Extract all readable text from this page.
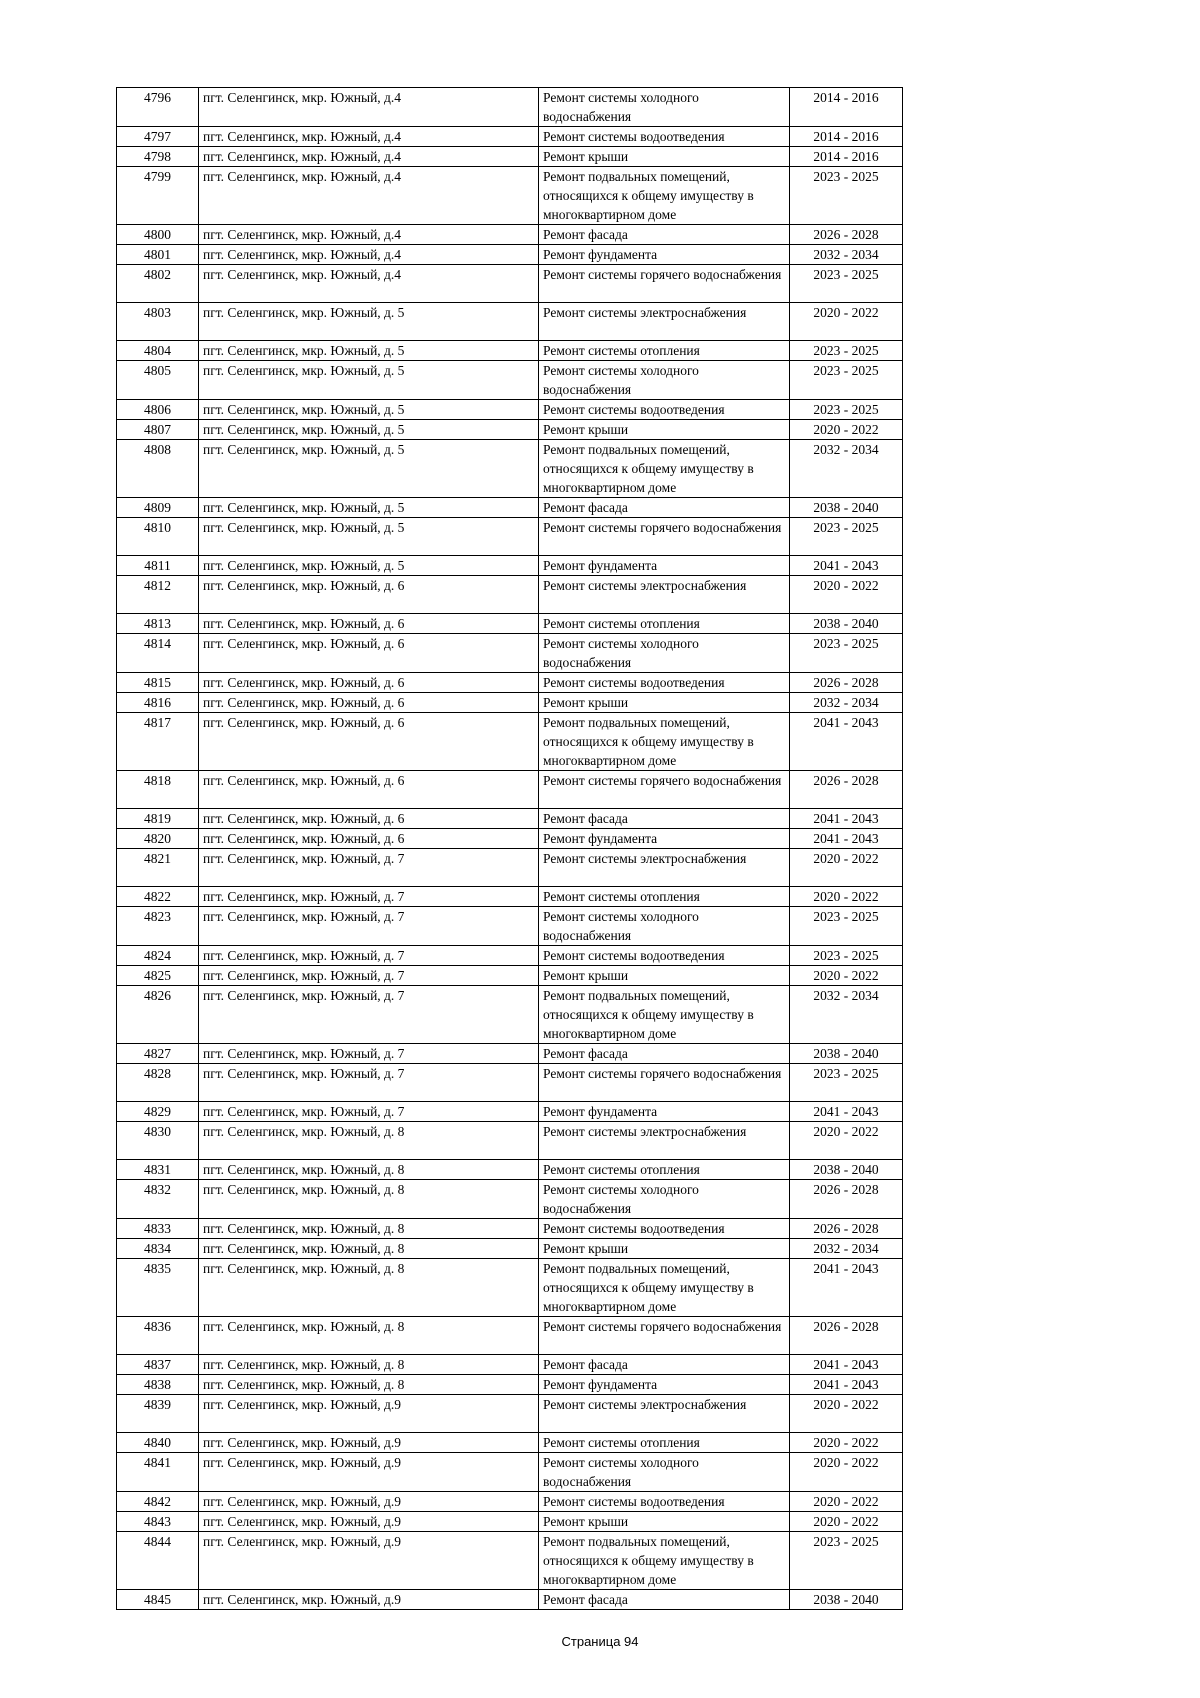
4796	пгт. Селенгинск, мкр. Южный, д.4	Ремонт системы холодного водоснабжения	2014 - 2016
4797	пгт. Селенгинск, мкр. Южный, д.4	Ремонт системы водоотведения	2014 - 2016
4798	пгт. Селенгинск, мкр. Южный, д.4	Ремонт крыши	2014 - 2016
4799	пгт. Селенгинск, мкр. Южный, д.4	Ремонт подвальных помещений, относящихся к общему имуществу в многоквартирном доме	2023 - 2025
4800	пгт. Селенгинск, мкр. Южный, д.4	Ремонт фасада	2026 - 2028
4801	пгт. Селенгинск, мкр. Южный, д.4	Ремонт фундамента	2032 - 2034
4802	пгт. Селенгинск, мкр. Южный, д.4	Ремонт системы горячего водоснабжения	2023 - 2025
4803	пгт. Селенгинск, мкр. Южный, д. 5	Ремонт системы электроснабжения	2020 - 2022
4804	пгт. Селенгинск, мкр. Южный, д. 5	Ремонт системы отопления	2023 - 2025
4805	пгт. Селенгинск, мкр. Южный, д. 5	Ремонт системы холодного водоснабжения	2023 - 2025
4806	пгт. Селенгинск, мкр. Южный, д. 5	Ремонт системы водоотведения	2023 - 2025
4807	пгт. Селенгинск, мкр. Южный, д. 5	Ремонт крыши	2020 - 2022
4808	пгт. Селенгинск, мкр. Южный, д. 5	Ремонт подвальных помещений, относящихся к общему имуществу в многоквартирном доме	2032 - 2034
4809	пгт. Селенгинск, мкр. Южный, д. 5	Ремонт фасада	2038 - 2040
4810	пгт. Селенгинск, мкр. Южный, д. 5	Ремонт системы горячего водоснабжения	2023 - 2025
4811	пгт. Селенгинск, мкр. Южный, д. 5	Ремонт фундамента	2041 - 2043
4812	пгт. Селенгинск, мкр. Южный, д. 6	Ремонт системы электроснабжения	2020 - 2022
4813	пгт. Селенгинск, мкр. Южный, д. 6	Ремонт системы отопления	2038 - 2040
4814	пгт. Селенгинск, мкр. Южный, д. 6	Ремонт системы холодного водоснабжения	2023 - 2025
4815	пгт. Селенгинск, мкр. Южный, д. 6	Ремонт системы водоотведения	2026 - 2028
4816	пгт. Селенгинск, мкр. Южный, д. 6	Ремонт крыши	2032 - 2034
4817	пгт. Селенгинск, мкр. Южный, д. 6	Ремонт подвальных помещений, относящихся к общему имуществу в многоквартирном доме	2041 - 2043
4818	пгт. Селенгинск, мкр. Южный, д. 6	Ремонт системы горячего водоснабжения	2026 - 2028
4819	пгт. Селенгинск, мкр. Южный, д. 6	Ремонт фасада	2041 - 2043
4820	пгт. Селенгинск, мкр. Южный, д. 6	Ремонт фундамента	2041 - 2043
4821	пгт. Селенгинск, мкр. Южный, д. 7	Ремонт системы электроснабжения	2020 - 2022
4822	пгт. Селенгинск, мкр. Южный, д. 7	Ремонт системы отопления	2020 - 2022
4823	пгт. Селенгинск, мкр. Южный, д. 7	Ремонт системы холодного водоснабжения	2023 - 2025
4824	пгт. Селенгинск, мкр. Южный, д. 7	Ремонт системы водоотведения	2023 - 2025
4825	пгт. Селенгинск, мкр. Южный, д. 7	Ремонт крыши	2020 - 2022
4826	пгт. Селенгинск, мкр. Южный, д. 7	Ремонт подвальных помещений, относящихся к общему имуществу в многоквартирном доме	2032 - 2034
4827	пгт. Селенгинск, мкр. Южный, д. 7	Ремонт фасада	2038 - 2040
4828	пгт. Селенгинск, мкр. Южный, д. 7	Ремонт системы горячего водоснабжения	2023 - 2025
4829	пгт. Селенгинск, мкр. Южный, д. 7	Ремонт фундамента	2041 - 2043
4830	пгт. Селенгинск, мкр. Южный, д. 8	Ремонт системы электроснабжения	2020 - 2022
4831	пгт. Селенгинск, мкр. Южный, д. 8	Ремонт системы отопления	2038 - 2040
4832	пгт. Селенгинск, мкр. Южный, д. 8	Ремонт системы холодного водоснабжения	2026 - 2028
4833	пгт. Селенгинск, мкр. Южный, д. 8	Ремонт системы водоотведения	2026 - 2028
4834	пгт. Селенгинск, мкр. Южный, д. 8	Ремонт крыши	2032 - 2034
4835	пгт. Селенгинск, мкр. Южный, д. 8	Ремонт подвальных помещений, относящихся к общему имуществу в многоквартирном доме	2041 - 2043
4836	пгт. Селенгинск, мкр. Южный, д. 8	Ремонт системы горячего водоснабжения	2026 - 2028
4837	пгт. Селенгинск, мкр. Южный, д. 8	Ремонт фасада	2041 - 2043
4838	пгт. Селенгинск, мкр. Южный, д. 8	Ремонт фундамента	2041 - 2043
4839	пгт. Селенгинск, мкр. Южный, д.9	Ремонт системы электроснабжения	2020 - 2022
4840	пгт. Селенгинск, мкр. Южный, д.9	Ремонт системы отопления	2020 - 2022
4841	пгт. Селенгинск, мкр. Южный, д.9	Ремонт системы холодного водоснабжения	2020 - 2022
4842	пгт. Селенгинск, мкр. Южный, д.9	Ремонт системы водоотведения	2020 - 2022
4843	пгт. Селенгинск, мкр. Южный, д.9	Ремонт крыши	2020 - 2022
4844	пгт. Селенгинск, мкр. Южный, д.9	Ремонт подвальных помещений, относящихся к общему имуществу в многоквартирном доме	2023 - 2025
4845	пгт. Селенгинск, мкр. Южный, д.9	Ремонт фасада	2038 - 2040
Страница 94
